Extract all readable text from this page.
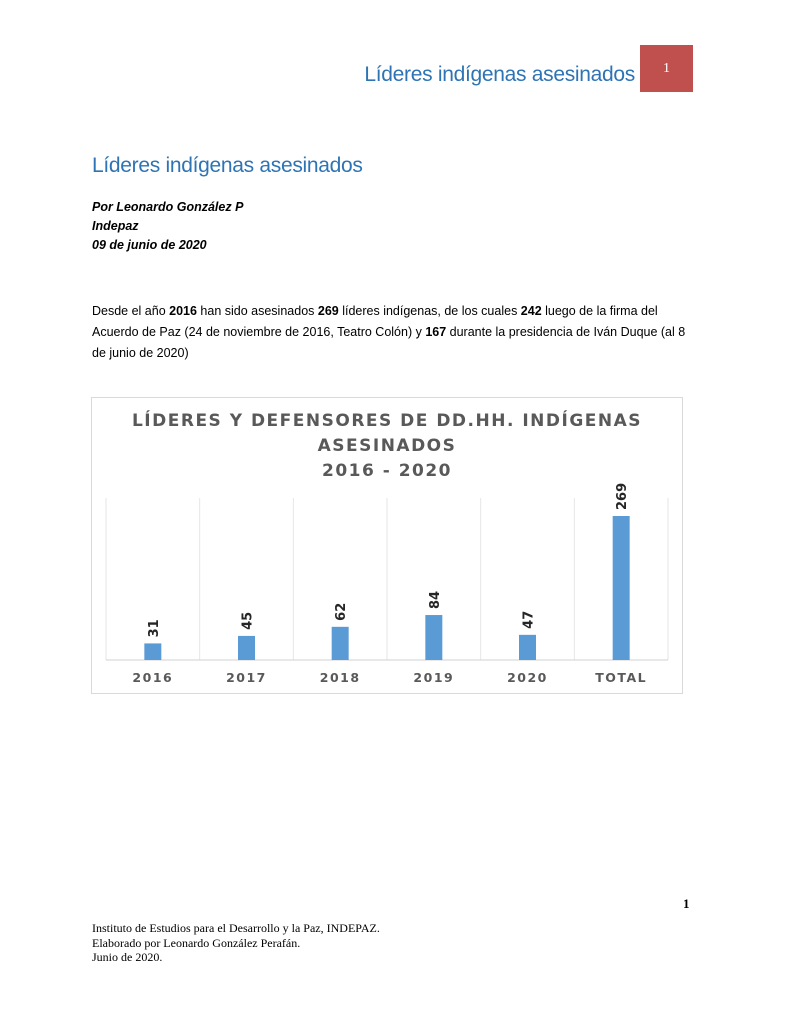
Líderes indígenas asesinados	1
Líderes indígenas asesinados
Por Leonardo González P
Indepaz
09 de junio de 2020

Desde el año 2016 han sido asesinados 269 líderes indígenas, de los cuales 242 luego de la firma del Acuerdo de Paz (24 de noviembre de 2016, Teatro Colón) y 167 durante la presidencia de Iván Duque (al 8 de junio de 2020)

LÍDERES Y DEFENSORES DE DD.HH. INDÍGENAS
ASESINADOS
2016 - 2020
31
2016
45
2017
62
2018
84
2019
47
2020
269
TOTAL
1
Instituto de Estudios para el Desarrollo y la Paz, INDEPAZ.
Elaborado por Leonardo González Perafán.
Junio de 2020.
